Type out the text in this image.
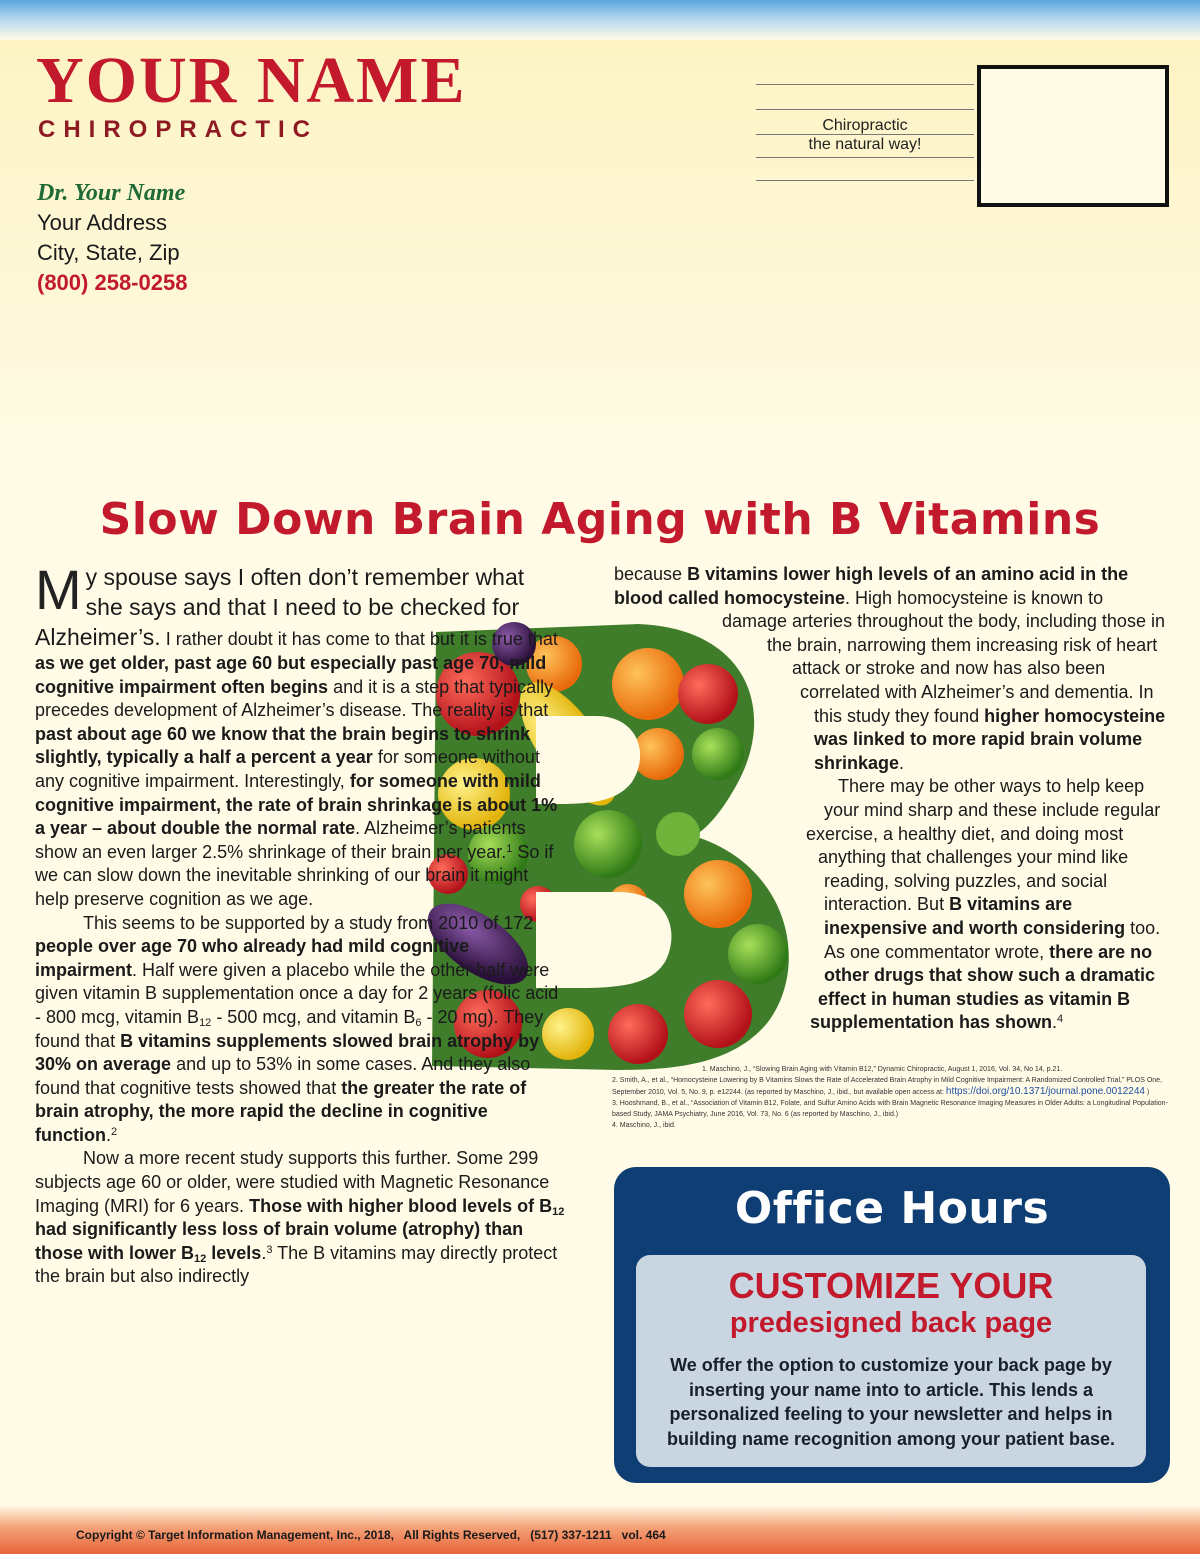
YOUR NAME
CHIROPRACTIC
Dr. Your Name
Your Address
City, State, Zip
(800) 258-0258
Chiropractic
the natural way!
Slow Down Brain Aging with B Vitamins

My spouse says I often don’t remember what she says and that I need to be checked for Alzheimer’s. I rather doubt it has come to that but it is true that as we get older, past age 60 but especially past age 70, mild cognitive impairment often begins and it is a step that typically precedes development of Alzheimer’s disease. The reality is that past about age 60 we know that the brain begins to shrink slightly, typically a half a percent a year for someone without any cognitive impairment. Interestingly, for someone with mild cognitive impairment, the rate of brain shrinkage is about 1% a year – about double the normal rate. Alzheimer’s patients show an even larger 2.5% shrinkage of their brain per year.$^1$ So if we can slow down the inevitable shrinking of our brain it might help preserve cognition as we age.

This seems to be supported by a study from 2010 of 172 people over age 70 who already had mild cognitive impairment. Half were given a placebo while the other half were given vitamin B supplementation once a day for 2 years (folic acid - 800 mcg, vitamin $B_{12} - 500$ mcg, and vitamin $B_6 - 20$ mg). They found that B vitamins supplements slowed brain atrophy by 30% on average and up to 53% in some cases. And they also found that cognitive tests showed that the greater the rate of brain atrophy, the more rapid the decline in cognitive function.$^2$

Now a more recent study supports this further. Some 299 subjects age 60 or older, were studied with Magnetic Resonance Imaging (MRI) for 6 years. Those with higher blood levels of $B_{12}$ had significantly less loss of brain volume (atrophy) than those with lower $B_{12}$ levels.$^3$ The B vitamins may directly protect the brain but also indirectly

because B vitamins lower high levels of an amino acid in the blood called homocysteine. High homocysteine is known to damage arteries throughout the body, including those in the brain, narrowing them increasing risk of heart attack or stroke and now has also been correlated with Alzheimer’s and dementia. In this study they found higher homocysteine was linked to more rapid brain volume shrinkage.

There may be other ways to help keep your mind sharp and these include regular exercise, a healthy diet, and doing most anything that challenges your mind like reading, solving puzzles, and social interaction. But B vitamins are inexpensive and worth considering too. As one commentator wrote, there are no other drugs that show such a dramatic effect in human studies as vitamin B supplementation has shown.$^4$

1. Maschino, J., “Slowing Brain Aging with Vitamin B12,” Dynamic Chiropractic, August 1, 2016, Vol. 34, No 14, p.21.
2. Smith, A., et al., “Homocysteine Lowering by B Vitamins Slows the Rate of Accelerated Brain Atrophy in Mild Cognitive Impairment: A Randomized Controlled Trial,” PLOS One, September 2010, Vol. 5, No. 9, p. e12244. (as reported by Maschino, J., ibid., but available open access at: https://doi.org/10.1371/journal.pone.0012244 )
3. Hooshmand, B., et al., “Association of Vitamin B12, Folate, and Sulfur Amino Acids with Brain Magnetic Resonance Imaging Measures in Older Adults: a Longitudinal Population-based Study, JAMA Psychiatry, June 2016, Vol. 73, No. 6 (as reported by Maschino, J., ibid.)
4. Maschino, J., ibid.
Office Hours
CUSTOMIZE YOUR
predesigned back page
We offer the option to customize your back page by inserting your name into to article. This lends a personalized feeling to your newsletter and helps in building name recognition among your patient base.
Copyright © Target Information Management, Inc., 2018,   All Rights Reserved,   (517) 337-1211   vol. 464
